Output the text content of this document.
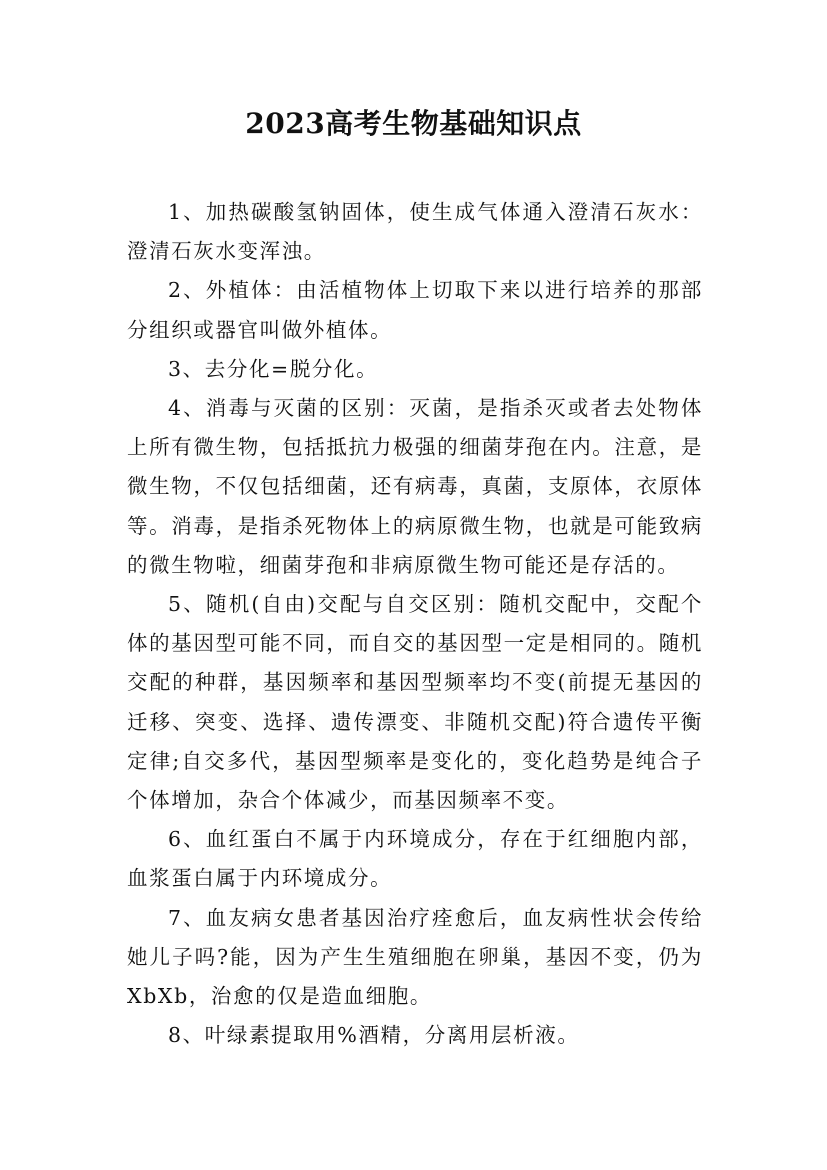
2023高考生物基础知识点

1、加热碳酸氢钠固体，使生成气体通入澄清石灰水：澄清石灰水变浑浊。

2、外植体：由活植物体上切取下来以进行培养的那部分组织或器官叫做外植体。

3、去分化=脱分化。

4、消毒与灭菌的区别：灭菌，是指杀灭或者去处物体上所有微生物，包括抵抗力极强的细菌芽孢在内。注意，是微生物，不仅包括细菌，还有病毒，真菌，支原体，衣原体等。消毒，是指杀死物体上的病原微生物，也就是可能致病的微生物啦，细菌芽孢和非病原微生物可能还是存活的。

5、随机(自由)交配与自交区别：随机交配中，交配个体的基因型可能不同，而自交的基因型一定是相同的。随机交配的种群，基因频率和基因型频率均不变(前提无基因的迁移、突变、选择、遗传漂变、非随机交配)符合遗传平衡定律;自交多代，基因型频率是变化的，变化趋势是纯合子个体增加，杂合个体减少，而基因频率不变。

6、血红蛋白不属于内环境成分，存在于红细胞内部，血浆蛋白属于内环境成分。

7、血友病女患者基因治疗痊愈后，血友病性状会传给她儿子吗?能，因为产生生殖细胞在卵巢，基因不变，仍为XbXb，治愈的仅是造血细胞。

8、叶绿素提取用%酒精，分离用层析液。
